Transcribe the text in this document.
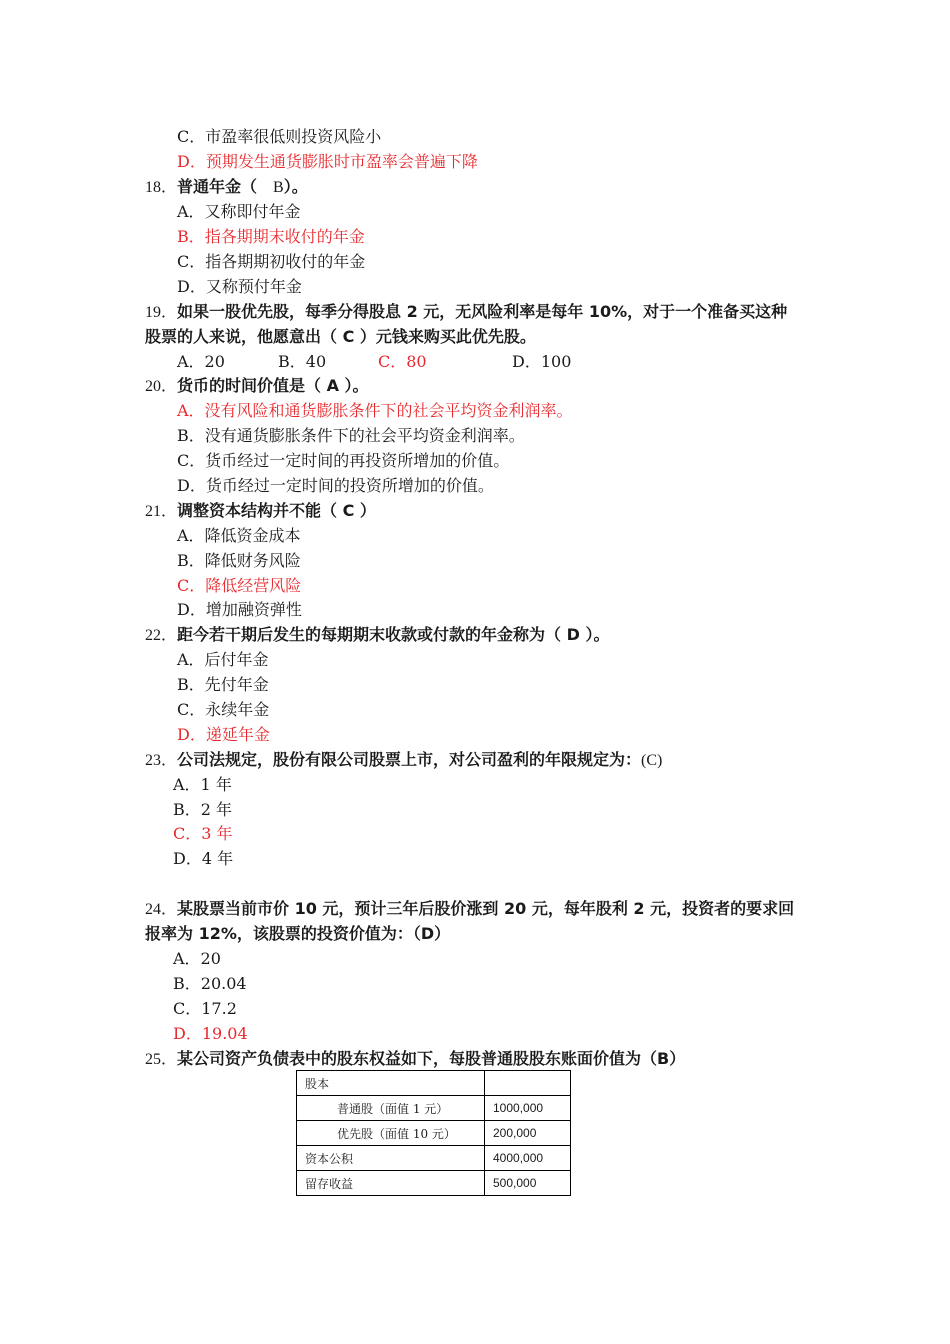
C．市盈率很低则投资风险小
D．预期发生通货膨胀时市盈率会普遍下降
18．普通年金（　B）。
A．又称即付年金
B．指各期期末收付的年金
C．指各期期初收付的年金
D．又称预付年金
19．如果一股优先股，每季分得股息 2 元，无风险利率是每年 10%，对于一个准备买这种
股票的人来说，他愿意出（ C ）元钱来购买此优先股。
A．20	B．40	C．80	D．100
20．货币的时间价值是（ A ）。
A．没有风险和通货膨胀条件下的社会平均资金利润率。
B．没有通货膨胀条件下的社会平均资金利润率。
C．货币经过一定时间的再投资所增加的价值。
D．货币经过一定时间的投资所增加的价值。
21．调整资本结构并不能（ C ）
A．降低资金成本
B．降低财务风险
C．降低经营风险
D．增加融资弹性
22．距今若干期后发生的每期期末收款或付款的年金称为（ D ）。
A．后付年金
B．先付年金
C．永续年金
D．递延年金
23．公司法规定，股份有限公司股票上市，对公司盈利的年限规定为：(C)
A．1 年
B．2 年
C．3 年
D．4 年
24．某股票当前市价 10 元，预计三年后股价涨到 20 元，每年股利 2 元，投资者的要求回
报率为 12%，该股票的投资价值为：（D）
A．20
B．20.04
C．17.2
D．19.04
25．某公司资产负债表中的股东权益如下，每股普通股股东账面价值为（B）
股本	
普通股（面值 1 元）	1000,000
优先股（面值 10 元）	200,000
资本公积	4000,000
留存收益	500,000
